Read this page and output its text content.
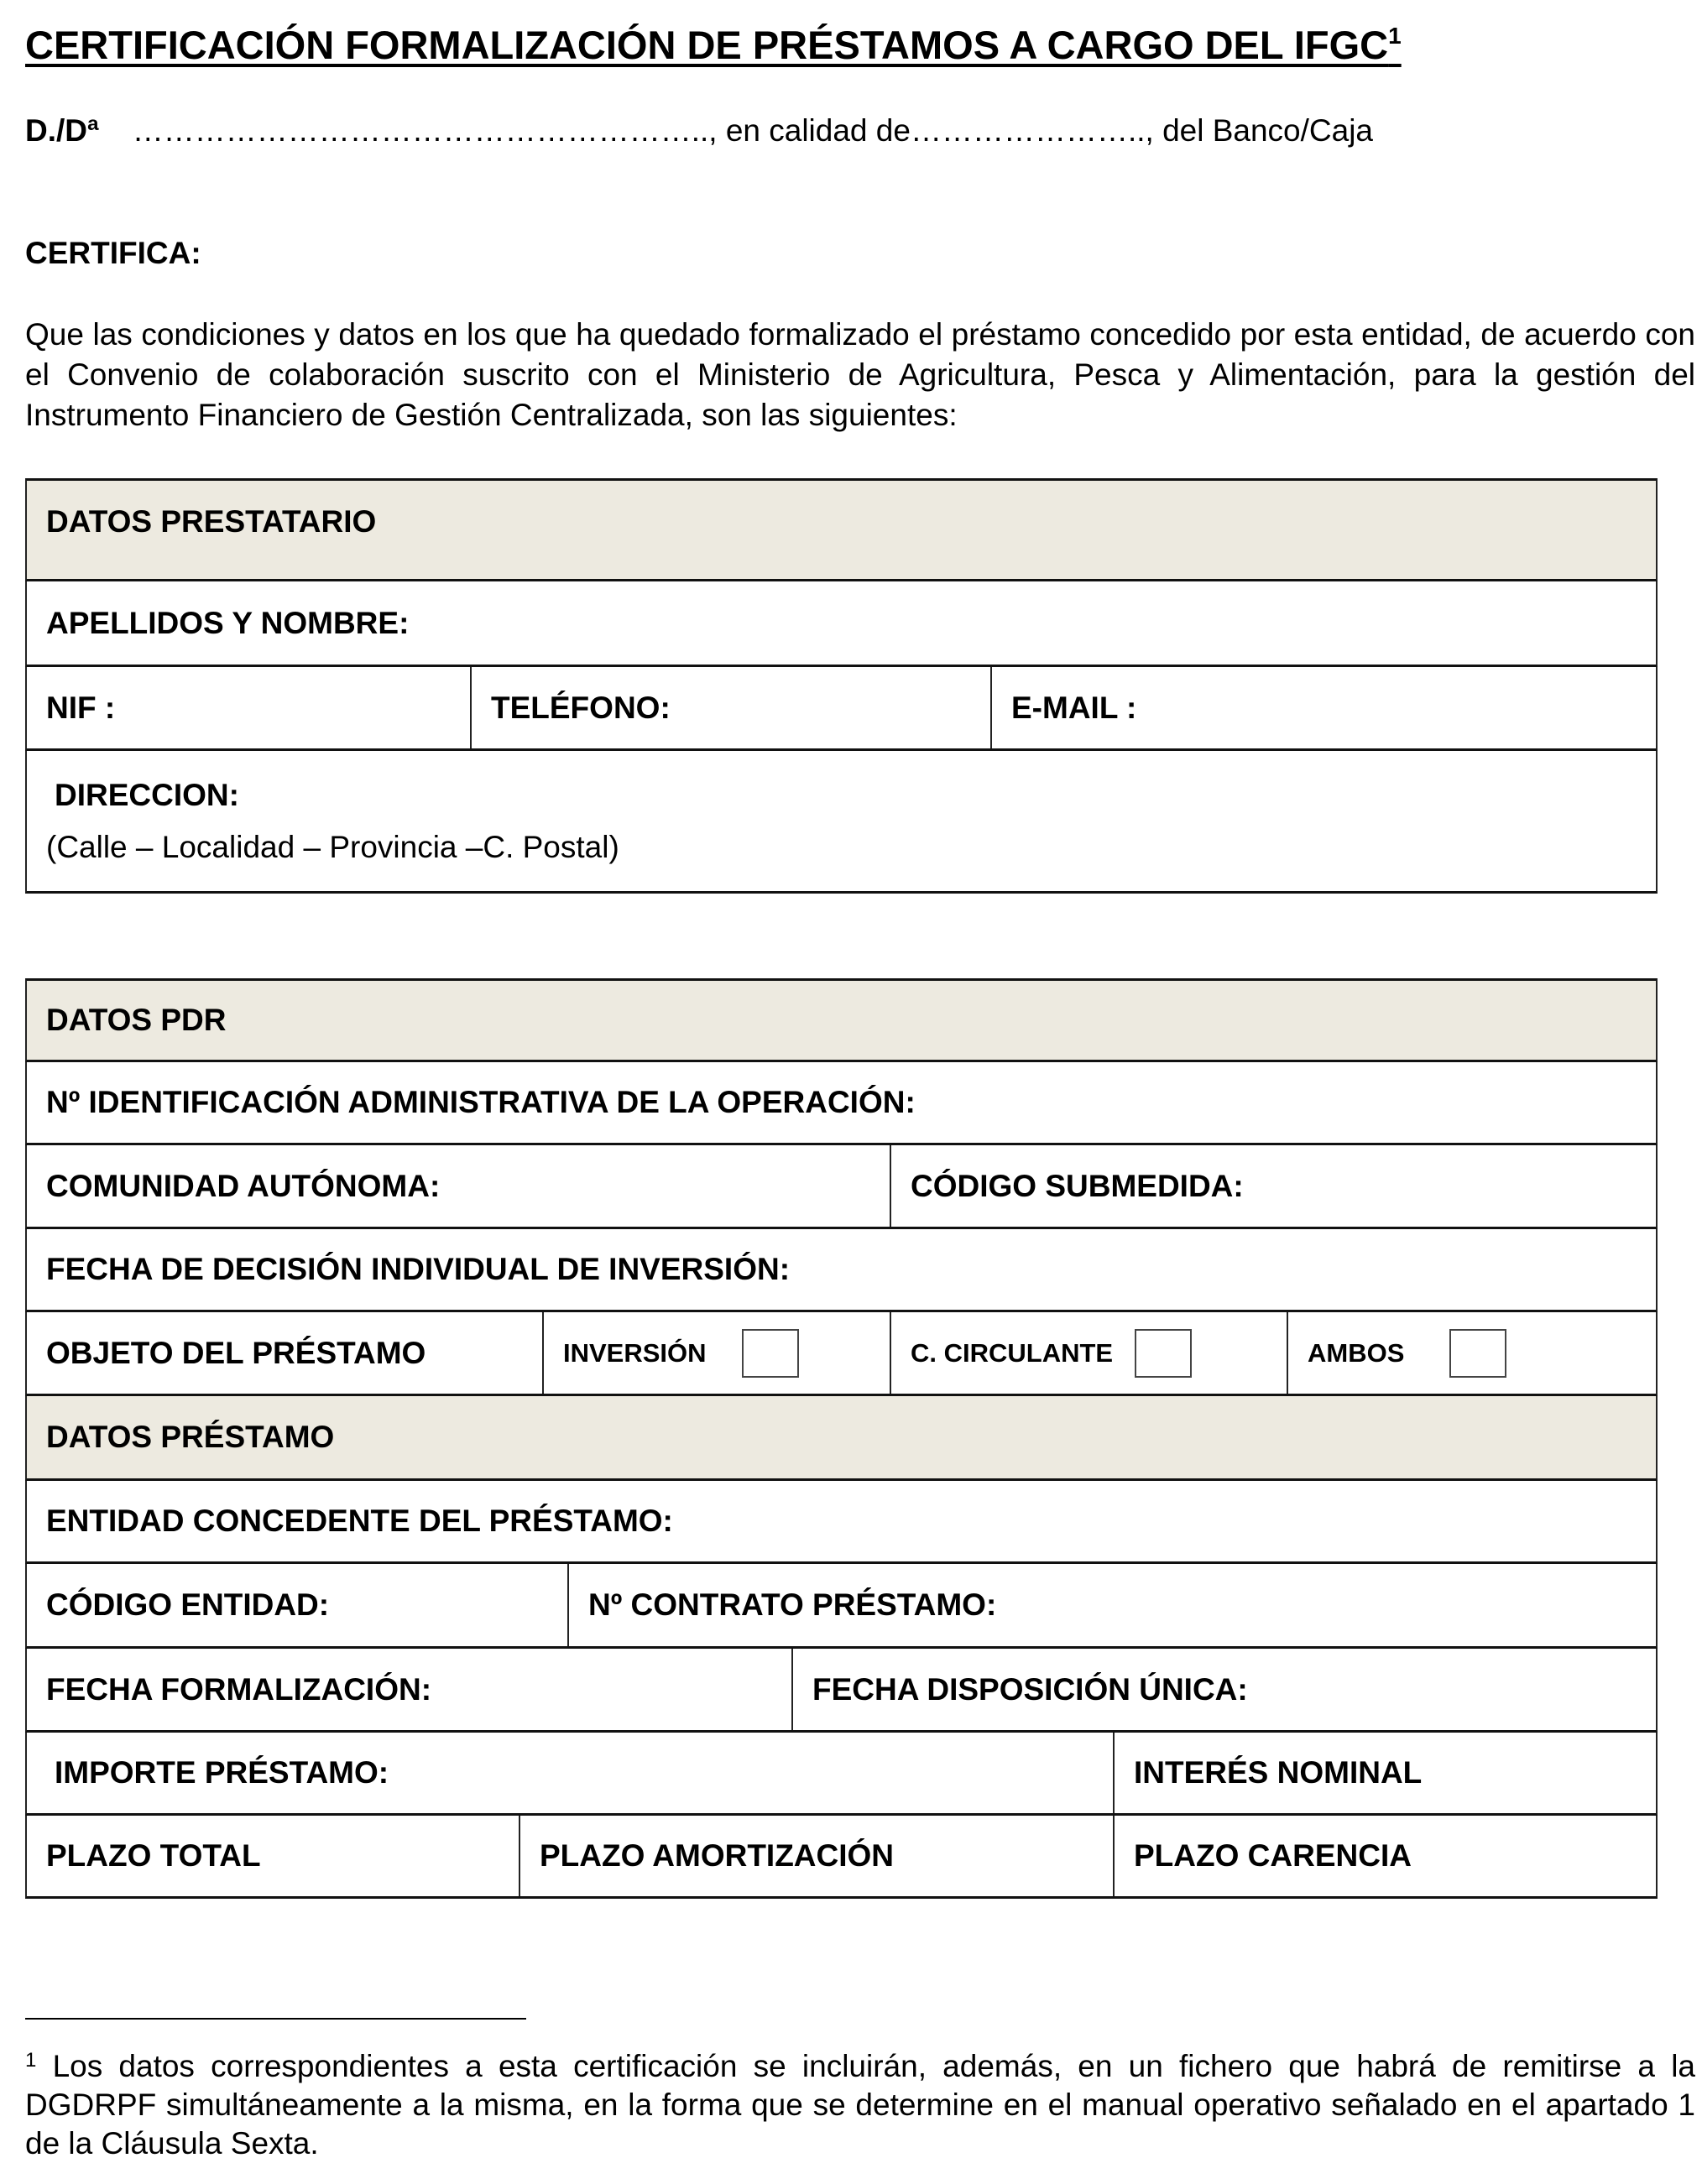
CERTIFICACIÓN FORMALIZACIÓN DE PRÉSTAMOS A CARGO DEL IFGC$^1$
D./Dª ……………………………………………….., en calidad de………………….., del Banco/Caja
CERTIFICA:
Que las condiciones y datos en los que ha quedado formalizado el préstamo concedido por esta entidad, de acuerdo con el Convenio de colaboración suscrito con el Ministerio de Agricultura, Pesca y Alimentación, para la gestión del Instrumento Financiero de Gestión Centralizada, son las siguientes:
DATOS PRESTATARIO
APELLIDOS Y NOMBRE:
NIF :	TELÉFONO:	E-MAIL :
DIRECCION:
(Calle – Localidad – Provincia –C. Postal)
DATOS PDR
Nº IDENTIFICACIÓN ADMINISTRATIVA DE LA OPERACIÓN:
COMUNIDAD AUTÓNOMA:	CÓDIGO SUBMEDIDA:
FECHA DE DECISIÓN INDIVIDUAL DE INVERSIÓN:
OBJETO DEL PRÉSTAMO	INVERSIÓN	C. CIRCULANTE	AMBOS
DATOS PRÉSTAMO
ENTIDAD CONCEDENTE DEL PRÉSTAMO:
CÓDIGO ENTIDAD:	Nº CONTRATO PRÉSTAMO:
FECHA FORMALIZACIÓN:	FECHA DISPOSICIÓN ÚNICA:
IMPORTE PRÉSTAMO:	INTERÉS NOMINAL
PLAZO TOTAL	PLAZO AMORTIZACIÓN	PLAZO CARENCIA
$^1$ Los datos correspondientes a esta certificación se incluirán, además, en un fichero que habrá de remitirse a la DGDRPF simultáneamente a la misma, en la forma que se determine en el manual operativo señalado en el apartado 1 de la Cláusula Sexta.
